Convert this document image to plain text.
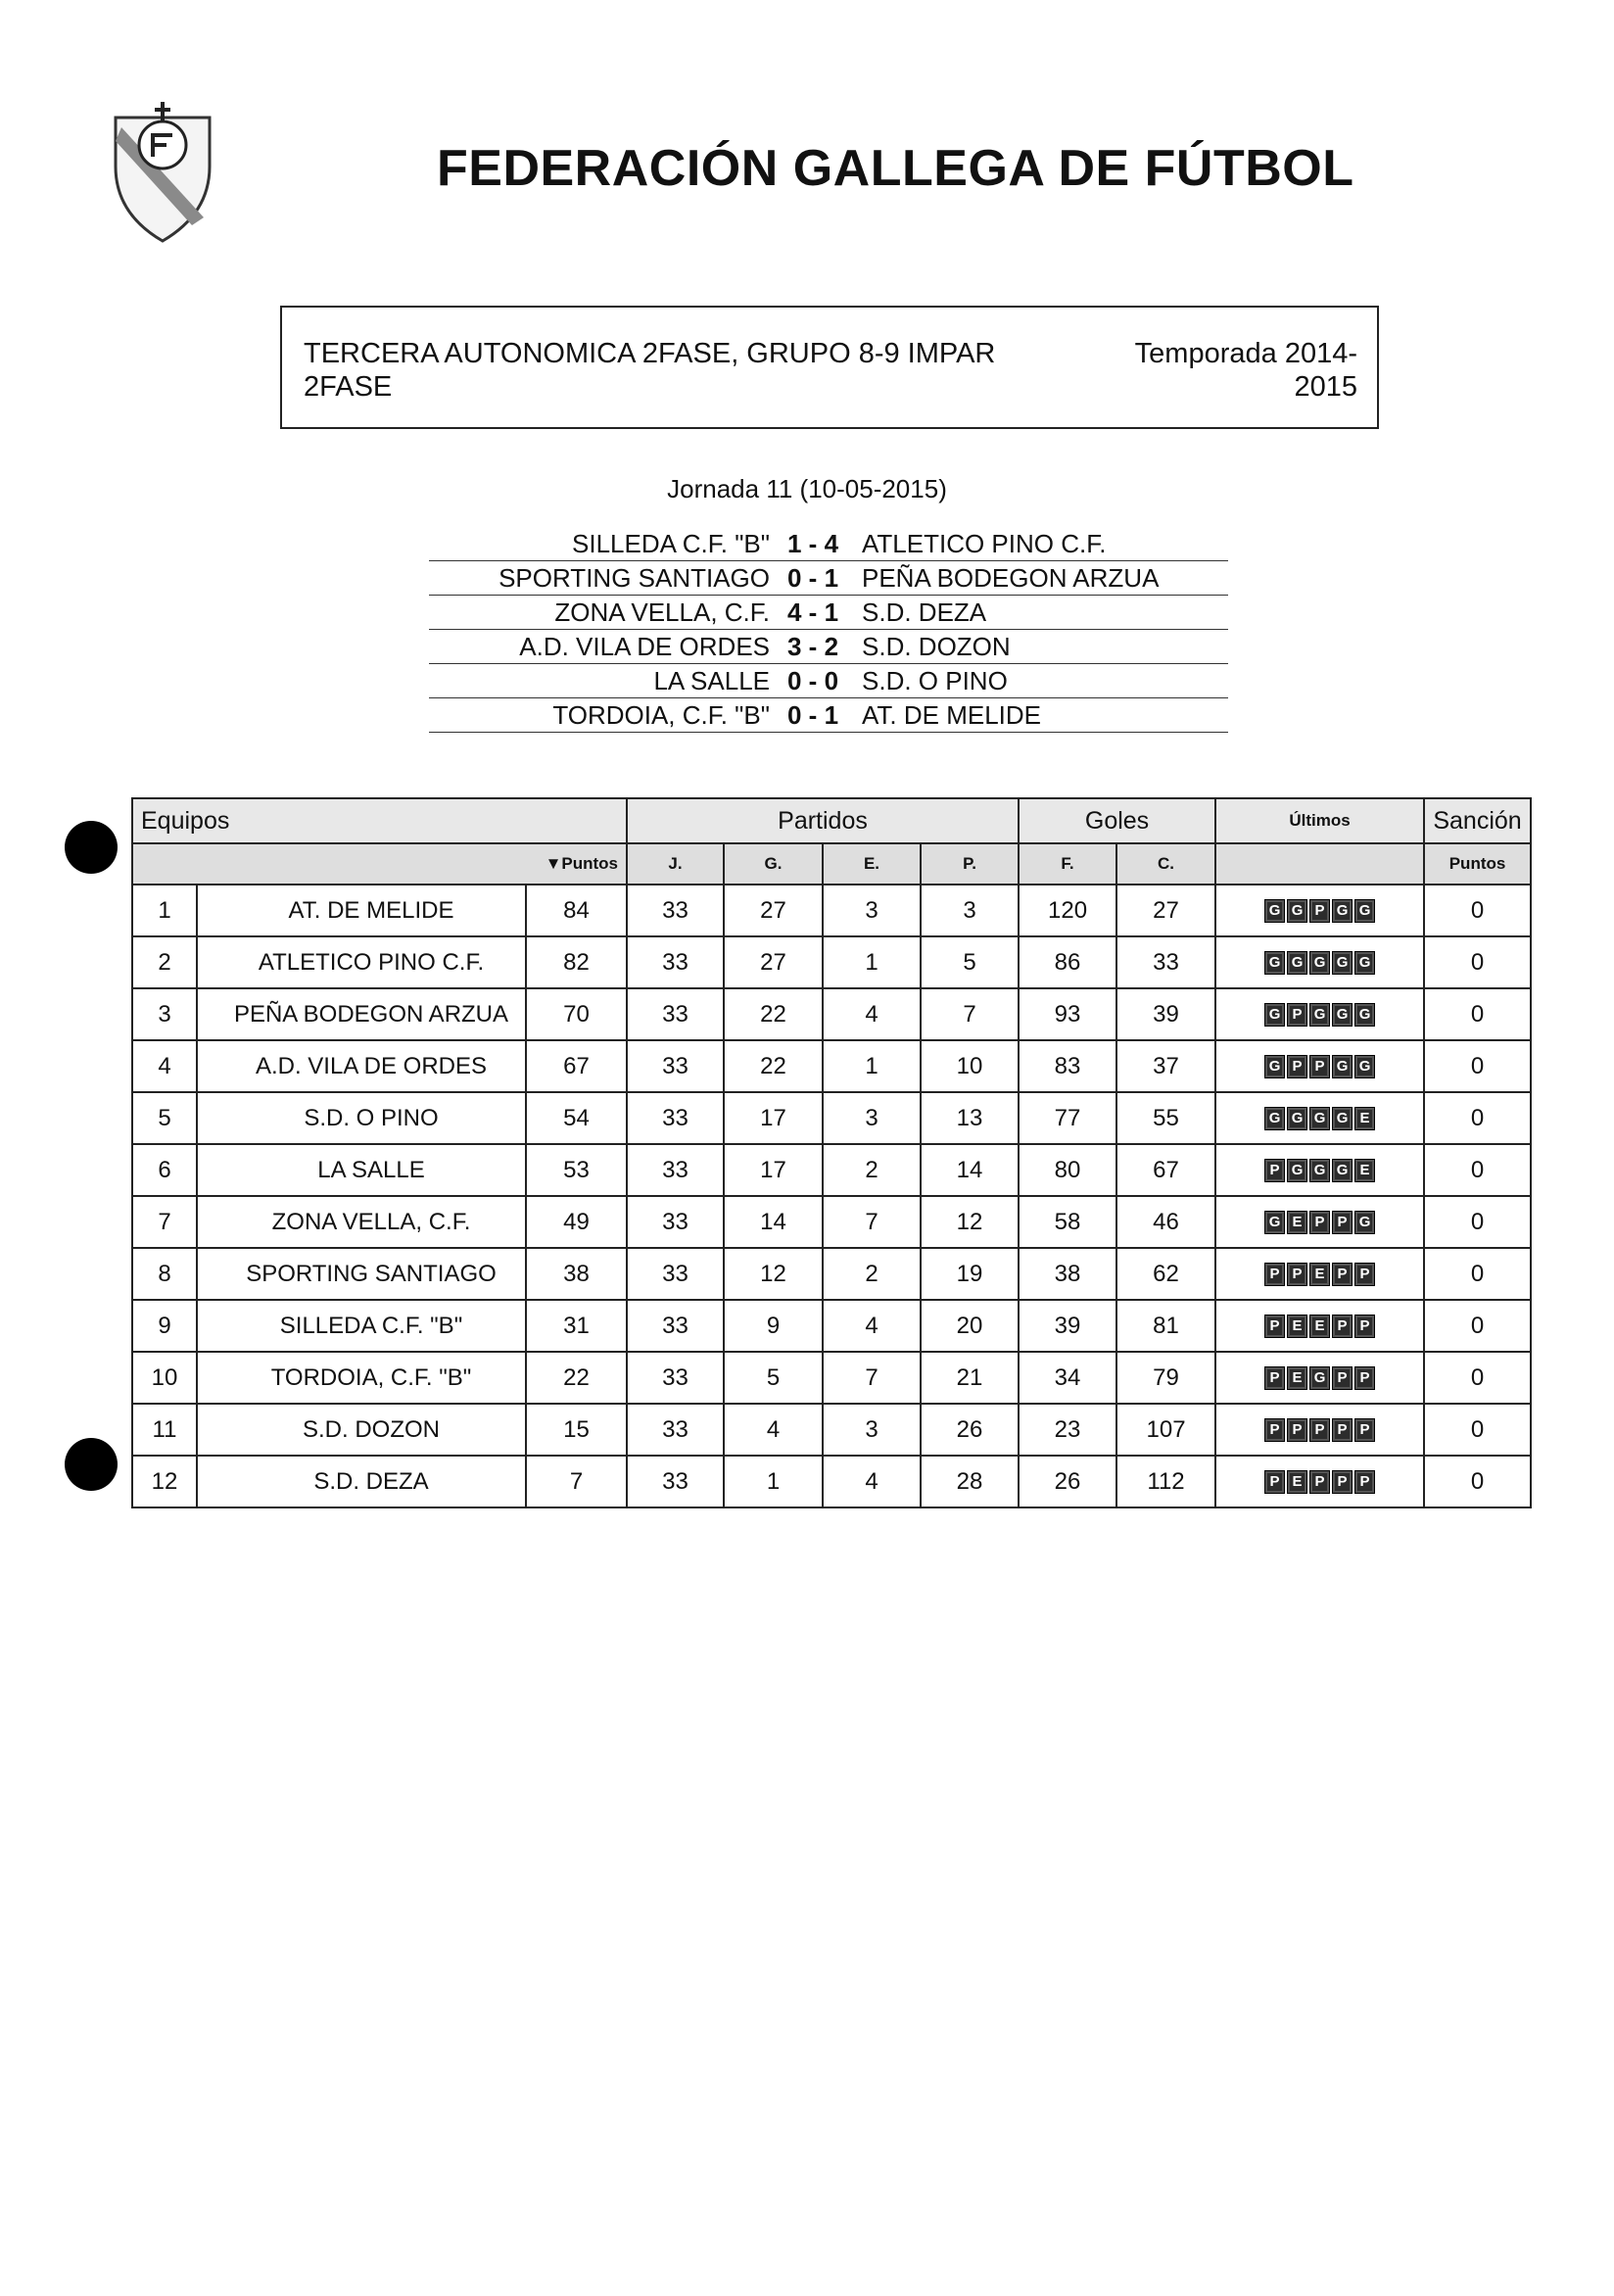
FEDERACIÓN GALLEGA DE FÚTBOL
TERCERA AUTONOMICA 2FASE, GRUPO 8-9 IMPAR
2FASE
Temporada 2014-
2015
Jornada 11 (10-05-2015)
SILLEDA C.F. "B"	1 - 4	ATLETICO PINO C.F.
SPORTING SANTIAGO	0 - 1	PEÑA BODEGON ARZUA
ZONA VELLA, C.F.	4 - 1	S.D. DEZA
A.D. VILA DE ORDES	3 - 2	S.D. DOZON
LA SALLE	0 - 0	S.D. O PINO
TORDOIA, C.F. "B"	0 - 1	AT. DE MELIDE
Equipos			Partidos				Goles		Últimos	Sanción
▼Puntos			J.	G.	E.	P.	F.	C.		Puntos
1	AT. DE MELIDE	84	33	27	3	3	120	27	G G P G G	0
2	ATLETICO PINO C.F.	82	33	27	1	5	86	33	G G G G G	0
3	PEÑA BODEGON ARZUA	70	33	22	4	7	93	39	G P G G G	0
4	A.D. VILA DE ORDES	67	33	22	1	10	83	37	G P P G G	0
5	S.D. O PINO	54	33	17	3	13	77	55	G G G G E	0
6	LA SALLE	53	33	17	2	14	80	67	P G G G E	0
7	ZONA VELLA, C.F.	49	33	14	7	12	58	46	G E P P G	0
8	SPORTING SANTIAGO	38	33	12	2	19	38	62	P P E P P	0
9	SILLEDA C.F. "B"	31	33	9	4	20	39	81	P E E P P	0
10	TORDOIA, C.F. "B"	22	33	5	7	21	34	79	P E G P P	0
11	S.D. DOZON	15	33	4	3	26	23	107	P P P P P	0
12	S.D. DEZA	7	33	1	4	28	26	112	P E P P P	0
